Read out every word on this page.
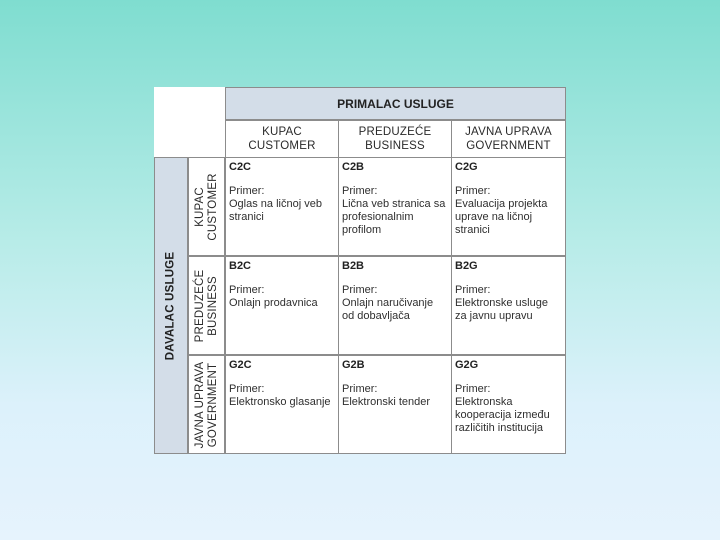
PRIMALAC USLUGE
KUPAC
CUSTOMER
PREDUZEĆE
BUSINESS
JAVNA UPRAVA
GOVERNMENT
DAVALAC USLUGE
KUPAC CUSTOMER
PREDUZEĆE BUSINESS
JAVNA UPRAVA GOVERNMENT
C2C
Primer:
Oglas na ličnoj veb stranici
C2B
Primer:
Lična veb stranica sa profesionalnim profilom
C2G
Primer:
Evaluacija projekta uprave na ličnoj stranici
B2C
Primer:
Onlajn prodavnica
B2B
Primer:
Onlajn naručivanje od dobavljača
B2G
Primer:
Elektronske usluge za javnu upravu
G2C
Primer:
Elektronsko glasanje
G2B
Primer:
Elektronski tender
G2G
Primer:
Elektronska kooperacija između različitih institucija
